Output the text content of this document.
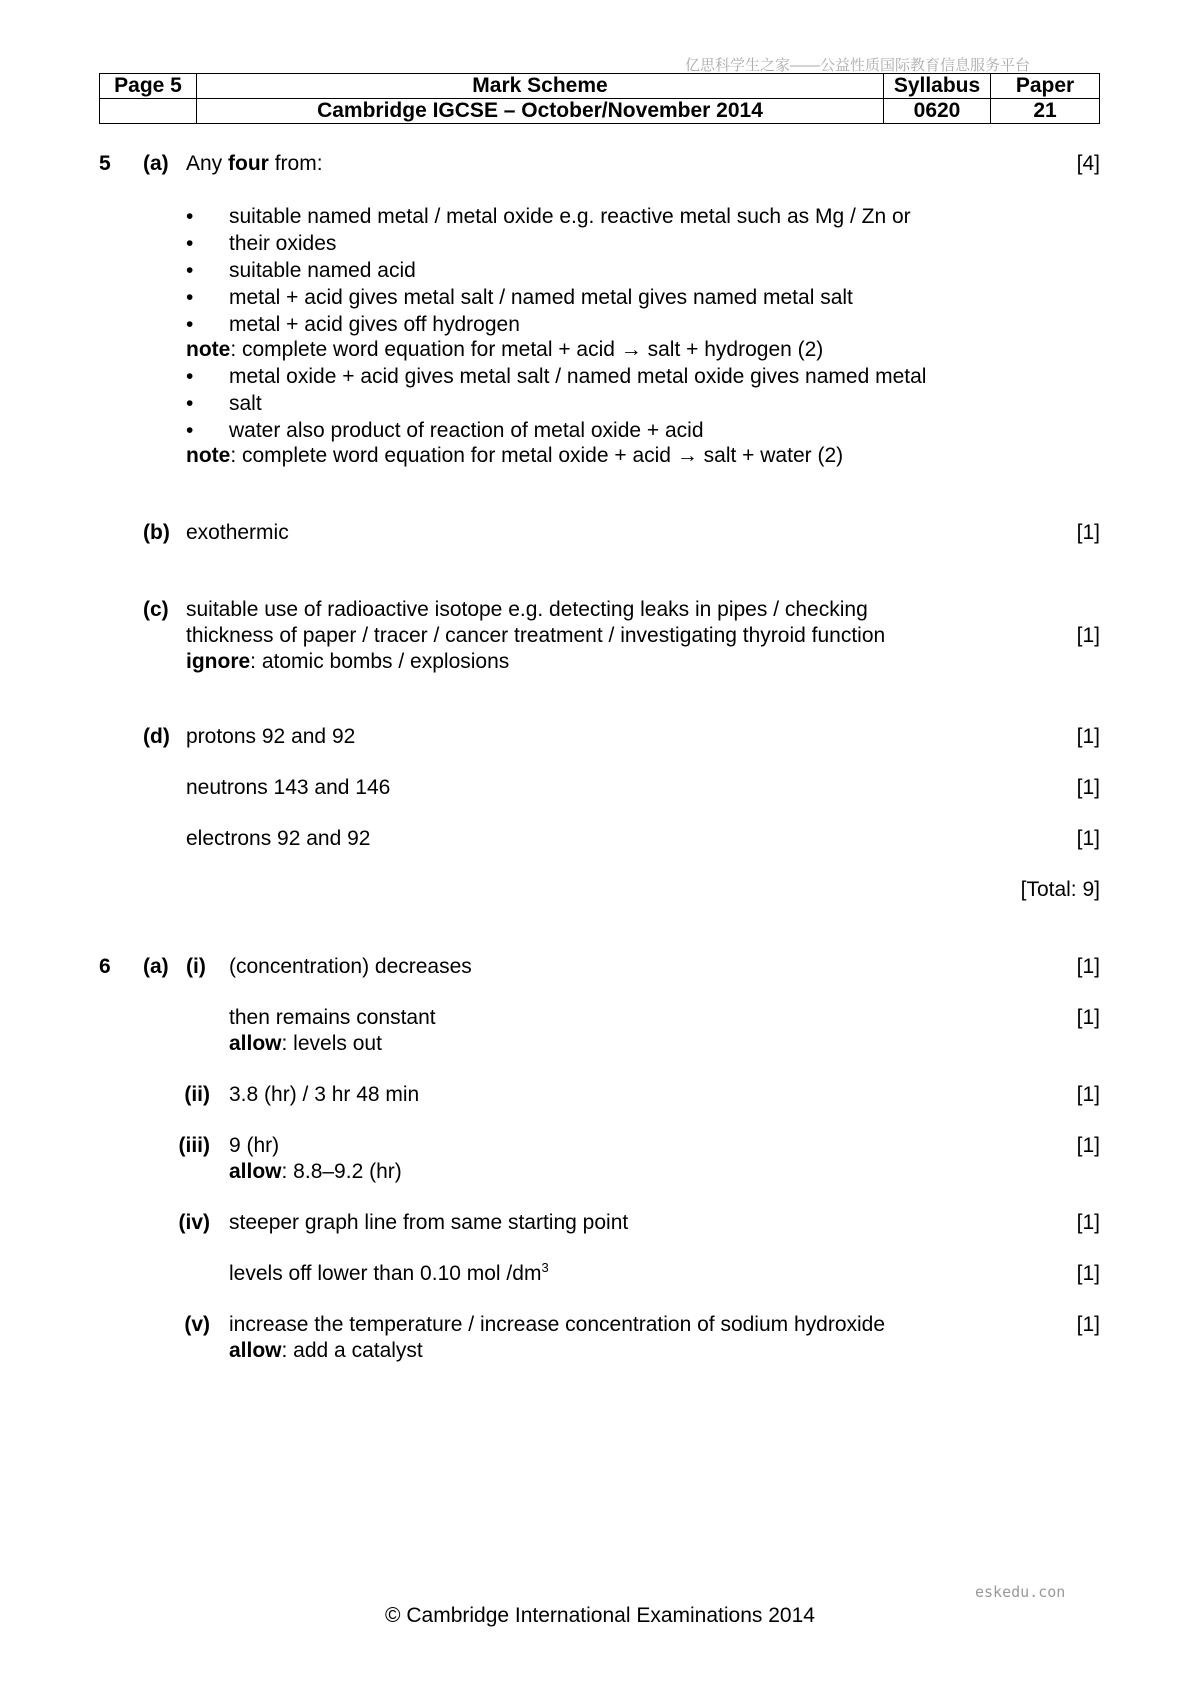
亿思科学生之家——公益性质国际教育信息服务平台
Page 5	Mark Scheme	Syllabus	Paper
	Cambridge IGCSE – October/November 2014	0620	21
5 (a) Any four from:	[4]
• suitable named metal / metal oxide e.g. reactive metal such as Mg / Zn or
• their oxides
• suitable named acid
• metal + acid gives metal salt / named metal gives named metal salt
• metal + acid gives off hydrogen
note: complete word equation for metal + acid → salt + hydrogen (2)
• metal oxide + acid gives metal salt / named metal oxide gives named metal
• salt
• water also product of reaction of metal oxide + acid
note: complete word equation for metal oxide + acid → salt + water (2)
(b) exothermic	[1]
(c) suitable use of radioactive isotope e.g. detecting leaks in pipes / checking
thickness of paper / tracer / cancer treatment / investigating thyroid function	[1]
ignore: atomic bombs / explosions
(d) protons 92 and 92	[1]
neutrons 143 and 146	[1]
electrons 92 and 92	[1]
[Total: 9]
6 (a) (i) (concentration) decreases	[1]
then remains constant	[1]
allow: levels out
(ii) 3.8 (hr) / 3 hr 48 min	[1]
(iii) 9 (hr)	[1]
allow: 8.8–9.2 (hr)
(iv) steeper graph line from same starting point	[1]
levels off lower than 0.10 mol $/dm^3$	[1]
(v) increase the temperature / increase concentration of sodium hydroxide	[1]
allow: add a catalyst
eskedu.con
© Cambridge International Examinations 2014
